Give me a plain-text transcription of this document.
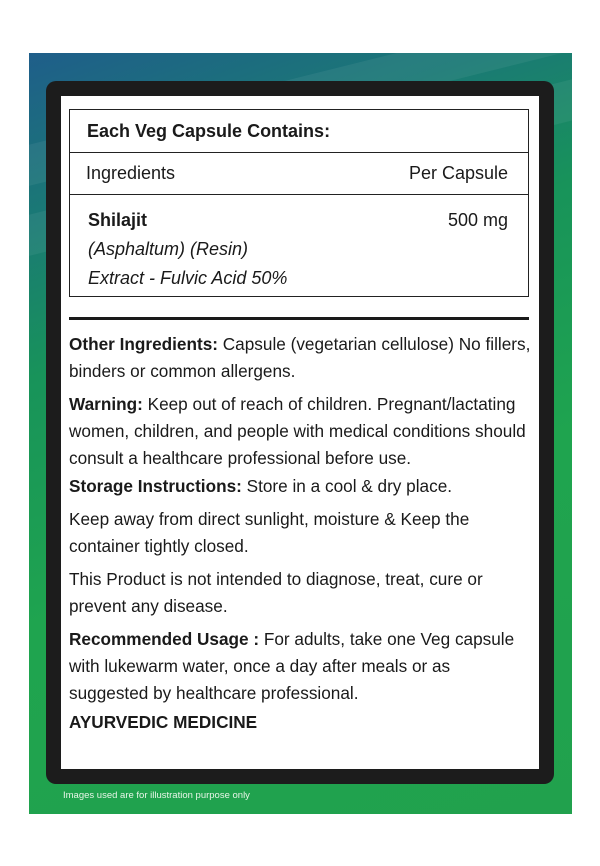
Each Veg Capsule Contains:
Ingredients	Per Capsule
Shilajit
(Asphaltum) (Resin)
Extract - Fulvic Acid 50%
500 mg

Other Ingredients: Capsule (vegetarian cellulose) No fillers, binders or common allergens.

Warning: Keep out of reach of children. Pregnant/lactating women, children, and people with medical conditions should consult a healthcare professional before use.

Storage Instructions: Store in a cool & dry place.

Keep away from direct sunlight, moisture & Keep the container tightly closed.

This Product is not intended to diagnose, treat, cure or prevent any disease.

Recommended Usage : For adults, take one Veg capsule with lukewarm water, once a day after meals or as suggested by healthcare professional.

AYURVEDIC MEDICINE

Images used are for illustration purpose only
